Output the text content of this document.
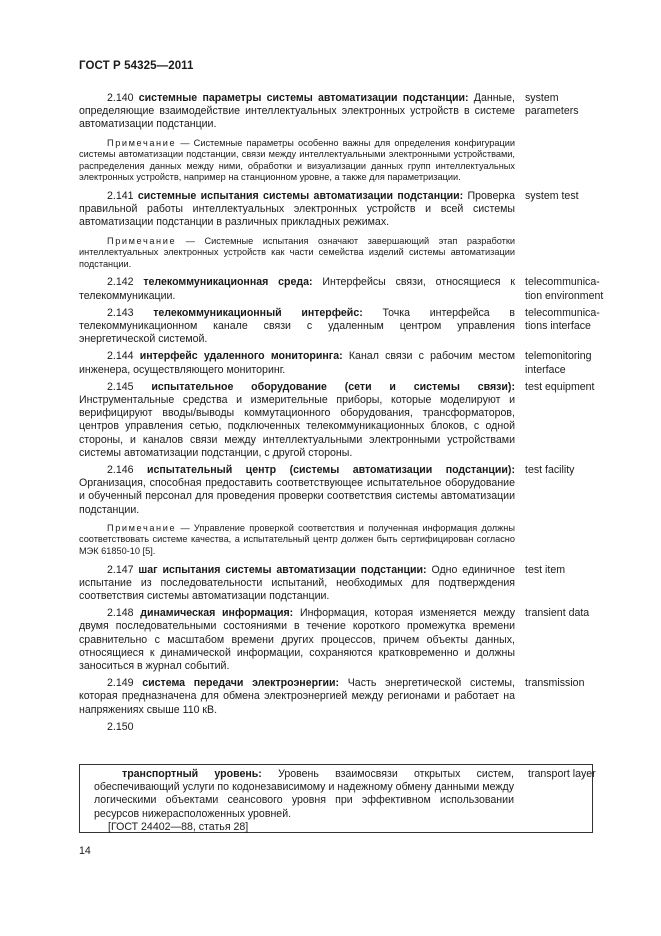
ГОСТ Р 54325—2011

2.140 системные параметры системы автоматизации подстанции: Данные, определяющие взаимодействие интеллектуальных электронных устройств в системе автоматизации подстанции.

system
parameters

Примечание — Системные параметры особенно важны для определения конфигурации системы автоматизации подстанции, связи между интеллектуальными электронными устройствами, распределения данных между ними, обработки и визуализации данных групп интеллектуальных электронных устройств, например на станционном уровне, а также для параметризации.

2.141 системные испытания системы автоматизации подстанции: Проверка правильной работы интеллектуальных электронных устройств и всей системы автоматизации подстанции в различных прикладных режимах.

system test

Примечание — Системные испытания означают завершающий этап разработки интеллектуальных электронных устройств как части семейства изделий системы автоматизации подстанции.

2.142 телекоммуникационная среда: Интерфейсы связи, относящиеся к телекоммуникации.

telecommunica-
tion environment

2.143 телекоммуникационный интерфейс: Точка интерфейса в телекоммуникационном канале связи с удаленным центром управления энергетической системой.

telecommunica-
tions interface

2.144 интерфейс удаленного мониторинга: Канал связи с рабочим местом инженера, осуществляющего мониторинг.

telemonitoring
interface

2.145 испытательное оборудование (сети и системы связи): Инструментальные средства и измерительные приборы, которые моделируют и верифицируют вводы/выводы коммутационного оборудования, трансформаторов, центров управления сетью, подключенных телекоммуникационных блоков, с одной стороны, и каналов связи между интеллектуальными электронными устройствами системы автоматизации подстанции, с другой стороны.

test equipment

2.146 испытательный центр (системы автоматизации подстанции): Организация, способная предоставить соответствующее испытательное оборудование и обученный персонал для проведения проверки соответствия системы автоматизации подстанции.

test facility

Примечание — Управление проверкой соответствия и полученная информация должны соответствовать системе качества, а испытательный центр должен быть сертифицирован согласно МЭК 61850-10 [5].

2.147 шаг испытания системы автоматизации подстанции: Одно единичное испытание из последовательности испытаний, необходимых для подтверждения соответствия системы автоматизации подстанции.

test item

2.148 динамическая информация: Информация, которая изменяется между двумя последовательными состояниями в течение короткого промежутка времени сравнительно с масштабом времени других процессов, причем объекты данных, относящиеся к динамической информации, сохраняются кратковременно и должны заноситься в журнал событий.

transient data

2.149 система передачи электроэнергии: Часть энергетической системы, которая предназначена для обмена электроэнергией между регионами и работает на напряжениях свыше 110 кВ.

transmission

2.150

транспортный уровень: Уровень взаимосвязи открытых систем, обеспечивающий услуги по кодонезависимому и надежному обмену данными между логическими объектами сеансового уровня при эффективном использовании ресурсов нижерасположенных уровней.

[ГОСТ 24402—88, статья 28]

transport layer
14
